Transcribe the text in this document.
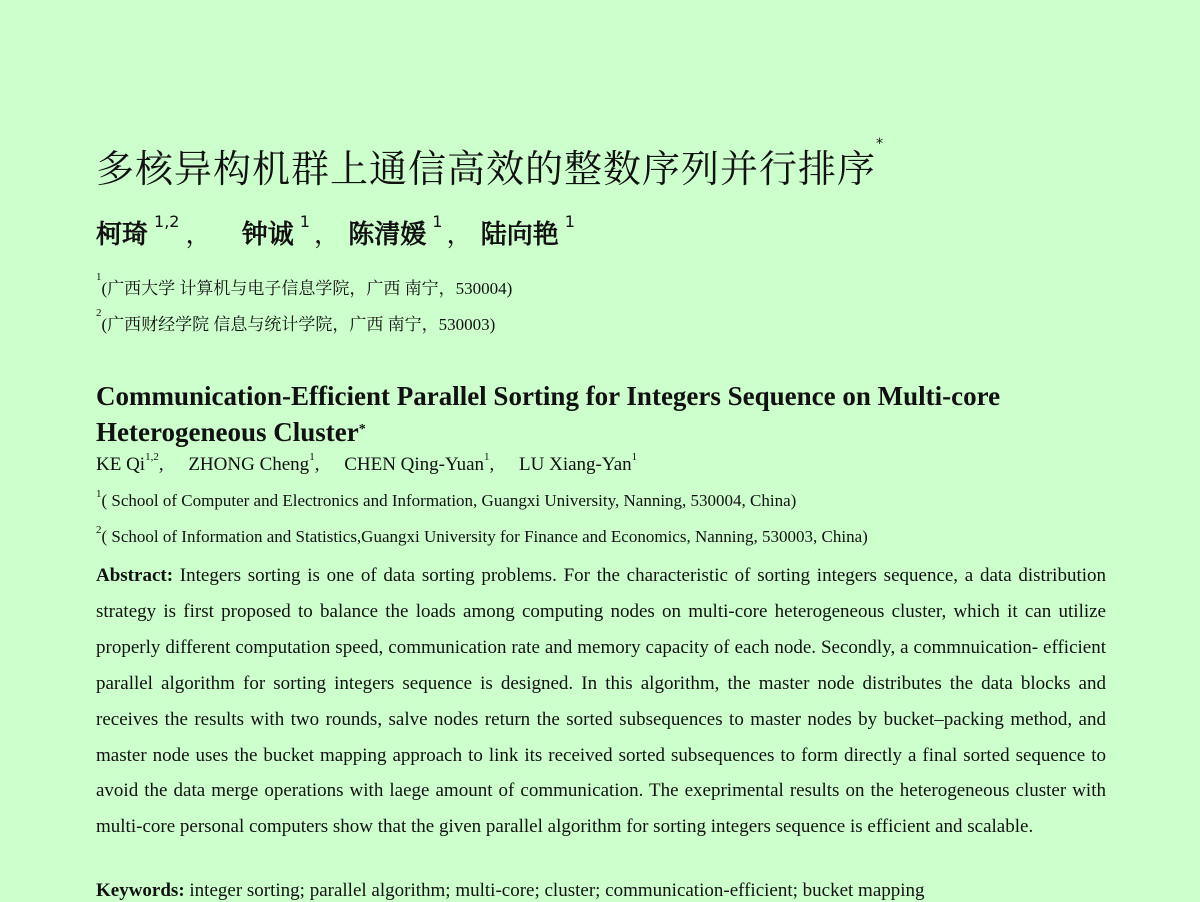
多核异构机群上通信高效的整数序列并行排序*
柯琦 $^{1,2}$ ， 钟诚 $^1$ ， 陈清媛 $^1$ ， 陆向艳 $^1$
$^1$(广西大学 计算机与电子信息学院，广西 南宁，530004)
$^2$(广西财经学院 信息与统计学院，广西 南宁，530003)
Communication-Efficient Parallel Sorting for Integers Sequence on Multi-core Heterogeneous Cluster*
KE Qi$^{1,2}$, ZHONG Cheng$^1$, CHEN Qing-Yuan$^1$, LU Xiang-Yan$^1$
$^1$( School of Computer and Electronics and Information, Guangxi University, Nanning, 530004, China)
$^2$( School of Information and Statistics,Guangxi University for Finance and Economics, Nanning, 530003, China)
Abstract: Integers sorting is one of data sorting problems. For the characteristic of sorting integers sequence, a data distribution strategy is first proposed to balance the loads among computing nodes on multi-core heterogeneous cluster, which it can utilize properly different computation speed, communication rate and memory capacity of each node. Secondly, a commnuication- efficient parallel algorithm for sorting integers sequence is designed. In this algorithm, the master node distributes the data blocks and receives the results with two rounds, salve nodes return the sorted subsequences to master nodes by bucket–packing method, and master node uses the bucket mapping approach to link its received sorted subsequences to form directly a final sorted sequence to avoid the data merge operations with laege amount of communication. The exeprimental results on the heterogeneous cluster with multi-core personal computers show that the given parallel algorithm for sorting integers sequence is efficient and scalable.
Keywords: integer sorting; parallel algorithm; multi-core; cluster; communication-efficient; bucket mapping
